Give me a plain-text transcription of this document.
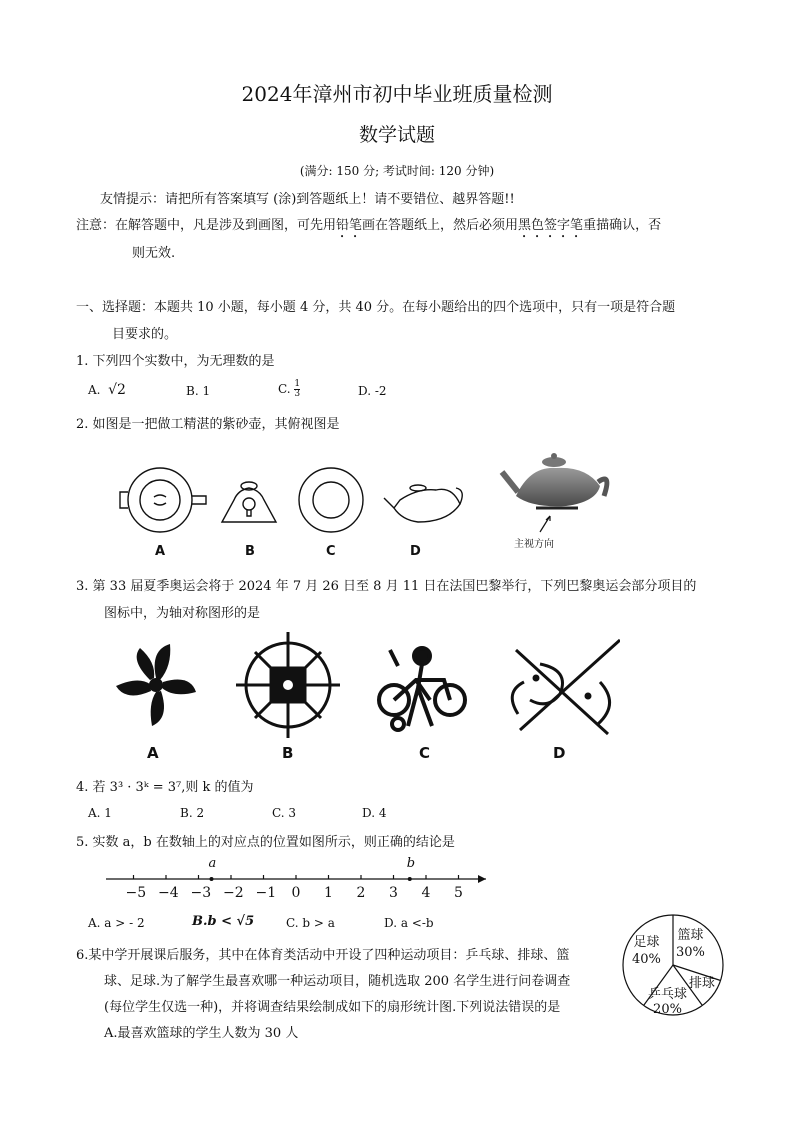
2024年漳州市初中毕业班质量检测
数学试题
(满分: 150 分; 考试时间: 120 分钟)
友情提示：请把所有答案填写 (涂)到答题纸上！请不要错位、越界答题!!
注意：在解答题中，凡是涉及到画图，可先用铅笔画在答题纸上，然后必须用黑色签字笔重描确认，否
则无效.
一、选择题：本题共 10 小题，每小题 4 分，共 40 分。在每小题给出的四个选项中，只有一项是符合题
目要求的。
1. 下列四个实数中，为无理数的是
A. √2	B. 1	C. $\frac{1}{3}$	D. -2
2. 如图是一把做工精湛的紫砂壶，其俯视图是
A	B	C	D	主视方向
3. 第 33 届夏季奥运会将于 2024 年 7 月 26 日至 8 月 11 日在法国巴黎举行，下列巴黎奥运会部分项目的
图标中，为轴对称图形的是
A	B	C	D
4. 若 3³ · 3ᵏ = 3⁷,则 k 的值为
A. 1	B. 2	C. 3	D. 4
5. 实数 a，b 在数轴上的对应点的位置如图所示，则正确的结论是
a	b
−5 −4 −3 −2 −1 0 1 2 3 4 5
A. a > - 2	B.b < √5	C. b > a	D. a <-b
6.某中学开展课后服务，其中在体育类活动中开设了四种运动项目：乒乓球、排球、篮
球、足球.为了解学生最喜欢哪一种运动项目，随机选取 200 名学生进行问卷调查
(每位学生仅选一种)，并将调查结果绘制成如下的扇形统计图.下列说法错误的是
A.最喜欢篮球的学生人数为 30 人
足球
40%
篮球
30%
排球
乒乓球
20%
